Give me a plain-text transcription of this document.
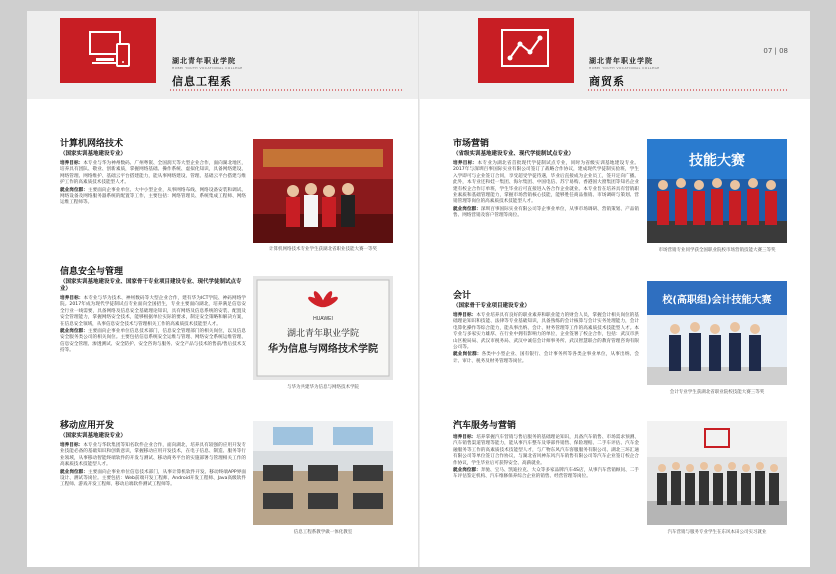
湖北青年职业学院
HUBEI YOUTH VOCATIONAL COLLEGE
信息工程系
计算机网络技术
（国家实训基地建设专业）
培养目标：本专业与华为神州数码、广州粤嵌、全国润天等大型企业合作，面向湖北地区，培养具有团队、敬业、创新素质，掌握网络基础、操作系统、虚拟化知识，具备网络建设、网络管理、网络维护、基础云平台搭建能力，能从事网络建设、管理、基础云平台搭建与维护工作的高素质技术技能型人才。
就业岗位群：主要面向企事业单位、大中小型企业，从事网络布线、网络设备安装和调试、网络设备及网络服务器系统的配置等工作，主要包括：网络管理员、系统集成工程师、网络运维工程师等。
信息安全与管理
（国家实训基地建设专业、国家骨干专业项目建设专业、现代学徒制试点专业）
培养目标：本专业与华为技术、神州数码等大型企业合作，建有华为ICT学院、神码网络学院。2017年成为现代学徒制试点专业面向全国招生，专业主要面向湖北，培养满足信息安全行业一线需要，具备网络及信息安全基础理论知识，具有网络及信息系统的安装、配置及安全管理能力，掌握网络安全技术，能够根据单位实际的要求，制定安全策略和解决方案，在信息安全领域，从事信息安全技术与管理相关工作的高素质技术技能型人才。
就业岗位群：主要面向企事业单位信息技术部门，信息安全管理部门的相关岗位，以及信息安全服务类公司的相关岗位。主要包括信息系统安全运维与管理、网络安全系统运维管理、信息安全管理、渗透测试、安全防护、安全咨询与服务、安全产品与技术的售前/售后技术支持等。
移动应用开发
（国家实训基地建设专业）
培养目标：本专业与华软集团等知名软件企业合作，面向湖北，培养具有较强的应用开发专业技能必备的基础知识和创新意识，掌握移动应用开发技术，在电子信息、制造、服务等行业领域，从事移动智能终端软件的开发与测试、移动商务平台的实施部署与管理相关工作的高素质技术技能型人才。
就业岗位群：主要面向企事业单位信息技术部门，从事计算机软件开发、移动终端APP界面设计、测试等岗位。主要包括：Web前端开发工程师、Android开发工程师、Java高级软件工程师、游戏开发工程师、移动后端软件测试工程师等。
计算机网络技术专业学生获湖北省职业技能大赛一等奖
HUAWEI
湖北青年职业学院
华为信息与网络技术学院
与华为共建华为信息与网络技术学院
信息工程系教学做一体化教室
湖北青年职业学院
HUBEI YOUTH VOCATIONAL COLLEGE
商贸系
07 | 08
市场营销
（省级实训基地建设专业、现代学徒制试点专业）
培养目标：本专业为湖北省首批现代学徒制试点专业，同时为省级实训基地建设专业。2017年与深圳百事国际实业有限公司签订了战略合作协议，建成现代学徒制实验班，学生入学即可与企业签订合同，享受超受学徒待遇，毕业后直接成为企业员工，签开定向广播。此外，本专业还和娃一集团、海尔集团、中国电信、苏宁易购、香港国大窗集团等知名企业建有校企合作订单班，学生毕业后可直接进入各合作企业就业。本专业旨在培养具有营销职业素质和基础管理能力，掌握市场营销核心技能，能够胜任商品推销、市场调研与策划、营销管理等岗位的高素质技术技能型人才。
就业岗位群：深圳百事国际实业有限公司等企事业单位，从事市场调研、营销策划、产品销售、网络营销及客户管理等岗位。
会计
（国家骨干专业项目建设专业）
培养目标：本专业培养具有良好的职业素养和职业能力的财会人员，掌握会计相关岗位的基础理论知识和技能、法律等专业基础知识，具备熟练的会计核算与会计实务处理能力，会计电算化操作等综合能力，能从事出纳、会计、财务管理等工作的高素质技术技能型人才。本专业与多家实力雄厚、在行业中拥有影响力的单位，企业签署了校企合作，包括：武汉市洪山区税局局、武汉市税务局、武汉中诚信会计师事务所、武汉智慧联合的教育管理咨询有限公司等。
就业岗位群：各类中小型企业、国有银行、会计事务所等各类企事业单位，从事出纳、会计、审计、税务及财务管理等岗位。
汽车服务与营销
培养目标：培养掌握汽车营销与售后服务的基础理论知识，具备汽车销售、市场需求预测、汽车销售渠道管理等能力，能从事汽车整车及零部件销售、保险理赔、二手车评估、汽车金融服务等工作的高素质技术技能型人才，与广物东风汽车客服服务有限公司、湖北三环汇通有限公司等单位签订合作协议，与湖北省风神东风汽车销售有限公司等汽车企业签订校企合作协议，学生毕业后可获得安全、高薪就业。
就业岗位群：奔驰、宝马、凯迪拉克、大众等多家品牌汽车4S店，从事汽车营销顾问、二手车评估鉴定机构、汽车维修保养综合企业的销售、经营管理等岗位。
技能大赛
市场营销专业同学获全国职业院校市场营销技能大赛三等奖
校(高职组)会计技能大赛
会计专业学生获湖北省职业院校技能大赛三等奖
汽车营销与服务专业学生在东风本田公司实习就业
